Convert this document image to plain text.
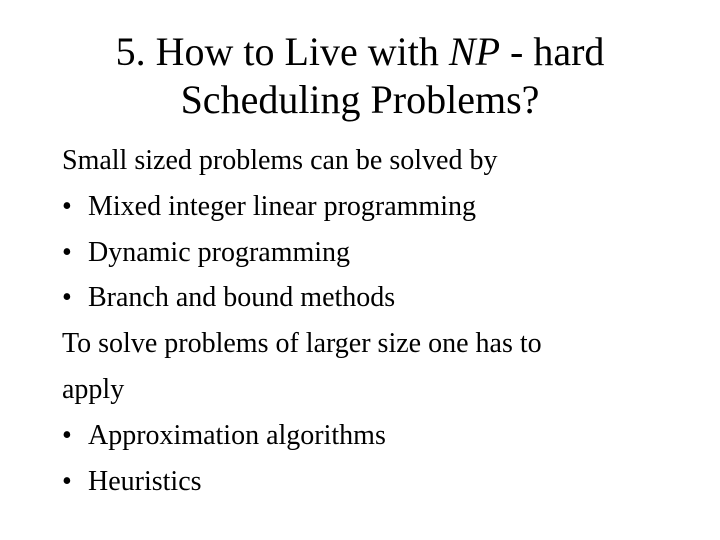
5. How to Live with NP - hard
Scheduling Problems?
Small sized problems can be solved by
• Mixed integer linear programming
• Dynamic programming
• Branch and bound methods
To solve problems of larger size one has to
apply
• Approximation algorithms
• Heuristics
